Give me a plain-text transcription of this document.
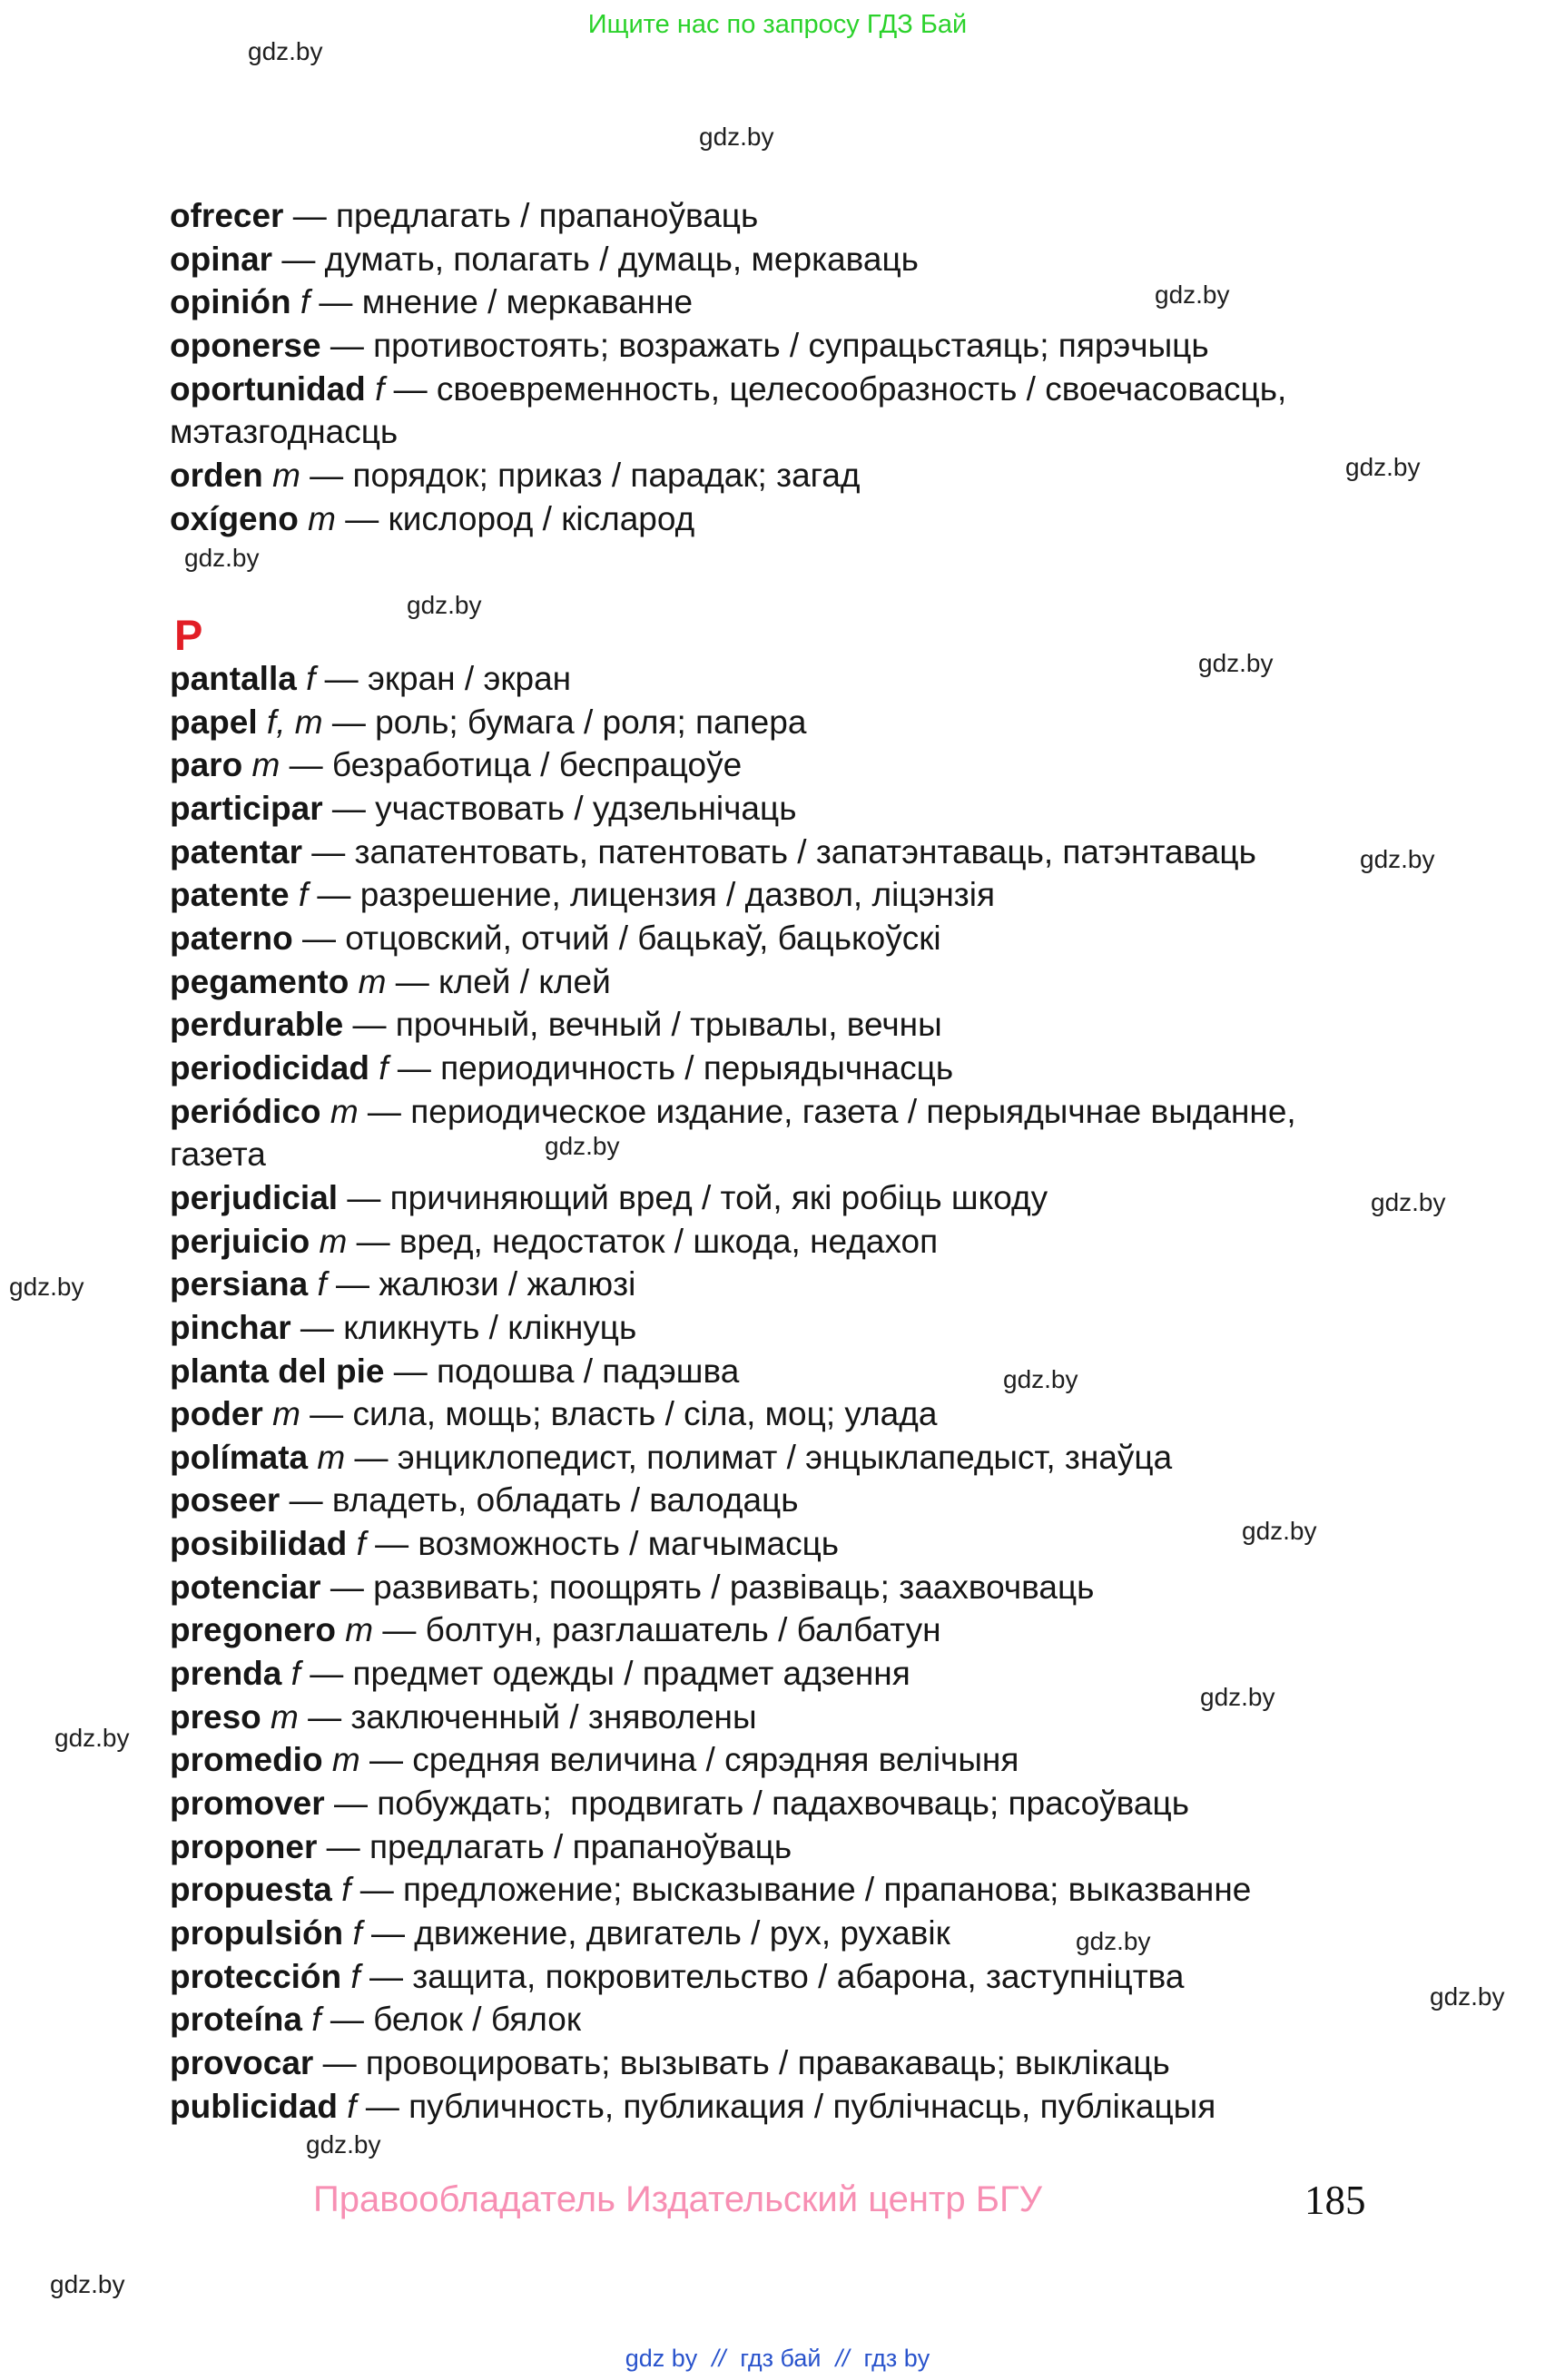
Ищите нас по запросу ГДЗ Бай
gdz.by
gdz.by
gdz.by
gdz.by
gdz.by
gdz.by
gdz.by
gdz.by
gdz.by
gdz.by
gdz.by
gdz.by
gdz.by
gdz.by
gdz.by
gdz.by
gdz.by
gdz.by
gdz.by
ofrecer — предлагать / прапаноўваць
opinar — думать, полагать / думаць, меркаваць
opinión f — мнение / меркаванне
oponerse — противостоять; возражать / супрацьстаяць; пярэчыць
oportunidad f — своевременность, целесообразность / своечасовасць,
мэтазгоднасць
orden m — порядок; приказ / парадак; загад
oxígeno m — кислород / кісларод
P
pantalla f — экран / экран
papel f, m — роль; бумага / роля; папера
paro m — безработица / беспрацоўе
participar — участвовать / удзельнічаць
patentar — запатентовать, патентовать / запатэнтаваць, патэнтаваць
patente f — разрешение, лицензия / дазвол, ліцэнзія
paterno — отцовский, отчий / бацькаў, бацькоўскі
pegamento m — клей / клей
perdurable — прочный, вечный / трывалы, вечны
periodicidad f — периодичность / перыядычнасць
periódico m — периодическое издание, газета / перыядычнае выданне,
газета
perjudicial — причиняющий вред / той, які робіць шкоду
perjuicio m — вред, недостаток / шкода, недахоп
persiana f — жалюзи / жалюзі
pinchar — кликнуть / клікнуць
planta del pie — подошва / падэшва
poder m — сила, мощь; власть / сіла, моц; улада
polímata m — энциклопедист, полимат / энцыклапедыст, знаўца
poseer — владеть, обладать / валодаць
posibilidad f — возможность / магчымасць
potenciar — развивать; поощрять / развіваць; заахвочваць
pregonero m — болтун, разглашатель / балбатун
prenda f — предмет одежды / прадмет адзення
preso m — заключенный / зняволены
promedio m — средняя величина / сярэдняя велічыня
promover — побуждать;  продвигать / падахвочваць; прасоўваць
proponer — предлагать / прапаноўваць
propuesta f — предложение; высказывание / прапанова; выказванне
propulsión f — движение, двигатель / рух, рухавік
protección f — защита, покровительство / абарона, заступніцтва
proteína f — белок / бялок
provocar — провоцировать; вызывать / правакаваць; выклікаць
publicidad f — публичность, публикация / публічнасць, публікацыя
Правообладатель Издательский центр БГУ	185
gdz by // гдз бай // гдз by
